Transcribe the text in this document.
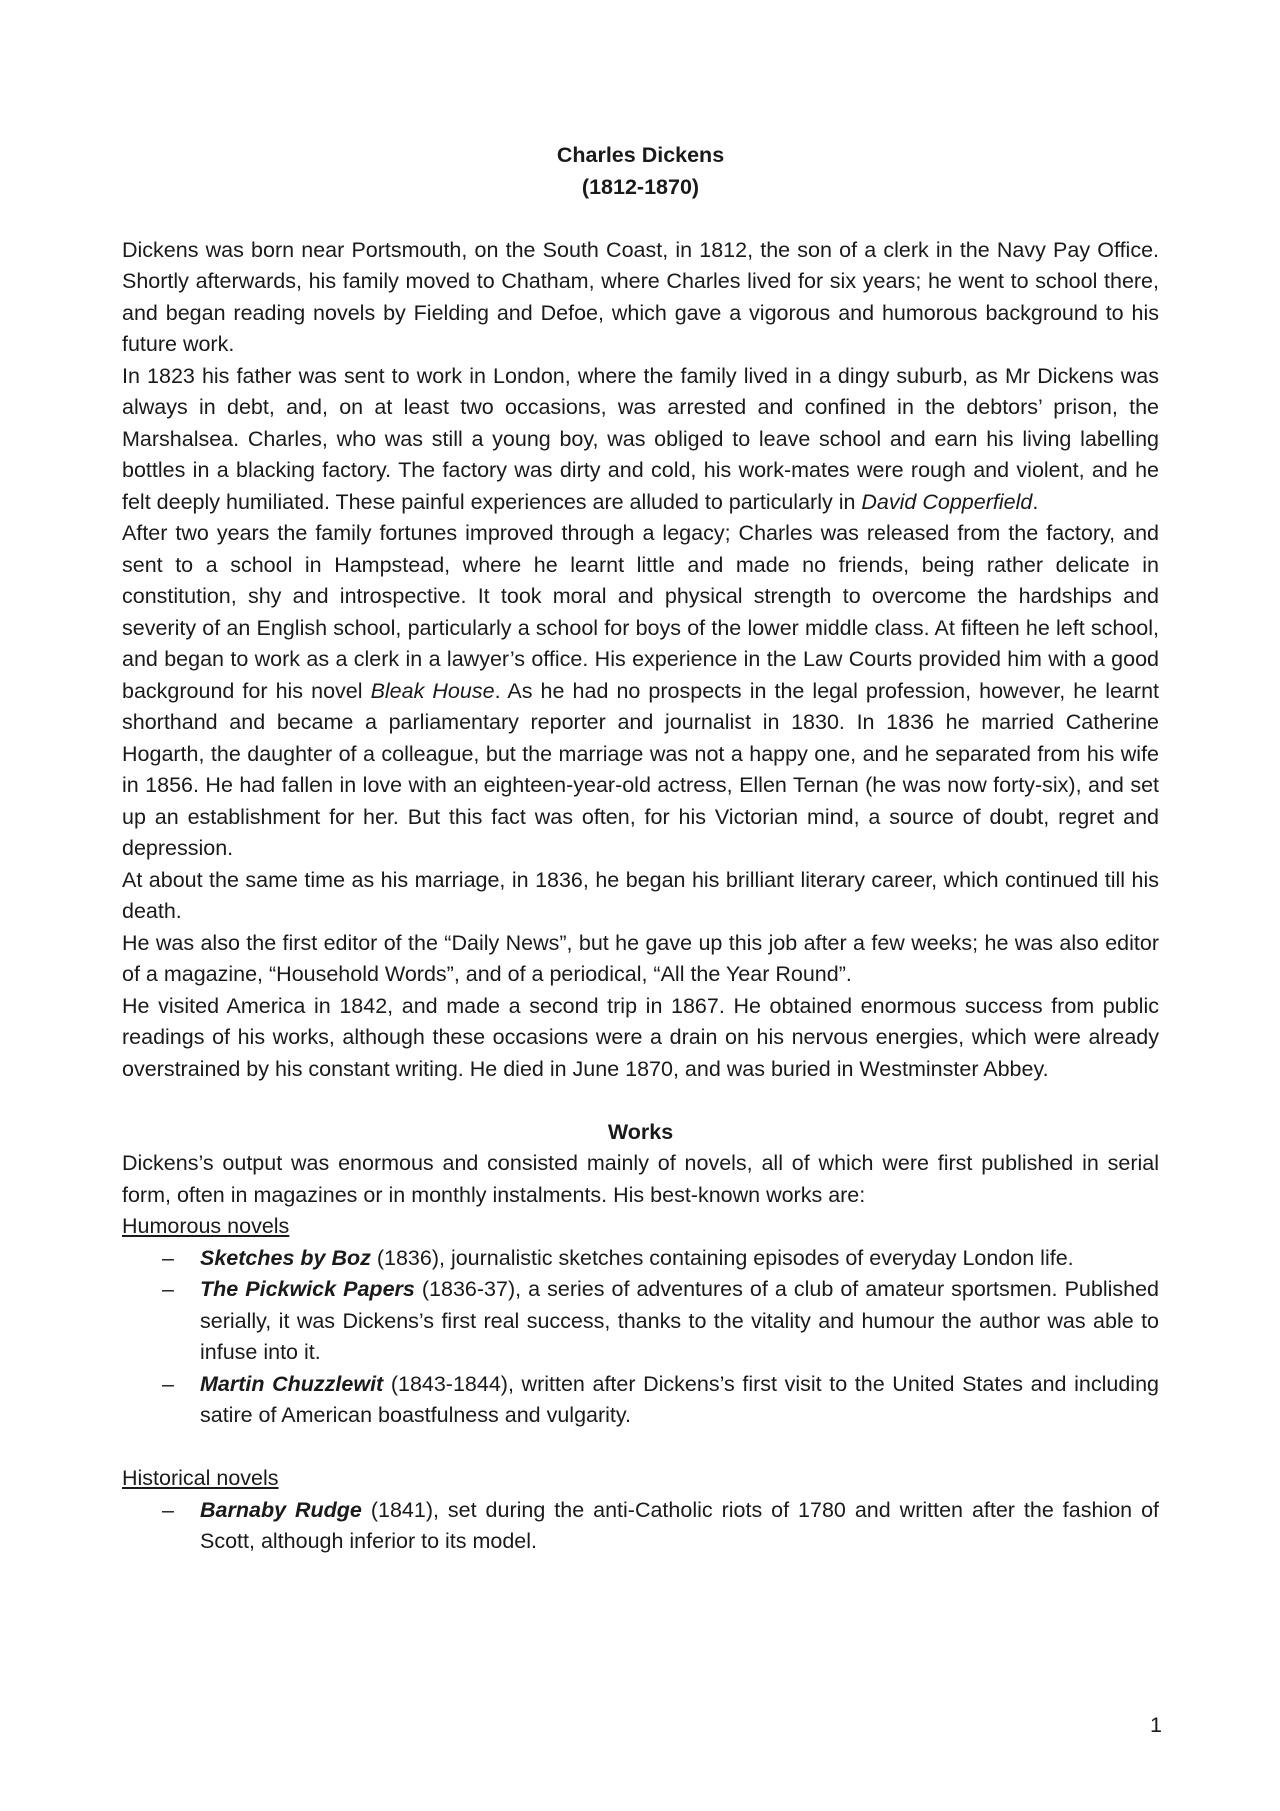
Charles Dickens

(1812-1870)

Dickens was born near Portsmouth, on the South Coast, in 1812, the son of a clerk in the Navy Pay Office. Shortly afterwards, his family moved to Chatham, where Charles lived for six years; he went to school there, and began reading novels by Fielding and Defoe, which gave a vigorous and humorous background to his future work.

In 1823 his father was sent to work in London, where the family lived in a dingy suburb, as Mr Dickens was always in debt, and, on at least two occasions, was arrested and confined in the debtors’ prison, the Marshalsea. Charles, who was still a young boy, was obliged to leave school and earn his living labelling bottles in a blacking factory. The factory was dirty and cold, his work-mates were rough and violent, and he felt deeply humiliated. These painful experiences are alluded to particularly in David Copperfield.

After two years the family fortunes improved through a legacy; Charles was released from the factory, and sent to a school in Hampstead, where he learnt little and made no friends, being rather delicate in constitution, shy and introspective. It took moral and physical strength to overcome the hardships and severity of an English school, particularly a school for boys of the lower middle class. At fifteen he left school, and began to work as a clerk in a lawyer’s office. His experience in the Law Courts provided him with a good background for his novel Bleak House. As he had no prospects in the legal profession, however, he learnt shorthand and became a parliamentary reporter and journalist in 1830. In 1836 he married Catherine Hogarth, the daughter of a colleague, but the marriage was not a happy one, and he separated from his wife in 1856. He had fallen in love with an eighteen-year-old actress, Ellen Ternan (he was now forty-six), and set up an establishment for her. But this fact was often, for his Victorian mind, a source of doubt, regret and depression.

At about the same time as his marriage, in 1836, he began his brilliant literary career, which continued till his death.

He was also the first editor of the “Daily News”, but he gave up this job after a few weeks; he was also editor of a magazine, “Household Words”, and of a periodical, “All the Year Round”.

He visited America in 1842, and made a second trip in 1867. He obtained enormous success from public readings of his works, although these occasions were a drain on his nervous energies, which were already overstrained by his constant writing. He died in June 1870, and was buried in Westminster Abbey.

Works

Dickens’s output was enormous and consisted mainly of novels, all of which were first published in serial form, often in magazines or in monthly instalments. His best-known works are:

Humorous novels

– Sketches by Boz (1836), journalistic sketches containing episodes of everyday London life.
– The Pickwick Papers (1836-37), a series of adventures of a club of amateur sportsmen. Published serially, it was Dickens’s first real success, thanks to the vitality and humour the author was able to infuse into it.
– Martin Chuzzlewit (1843-1844), written after Dickens’s first visit to the United States and including satire of American boastfulness and vulgarity.

Historical novels

– Barnaby Rudge (1841), set during the anti-Catholic riots of 1780 and written after the fashion of Scott, although inferior to its model.
1
